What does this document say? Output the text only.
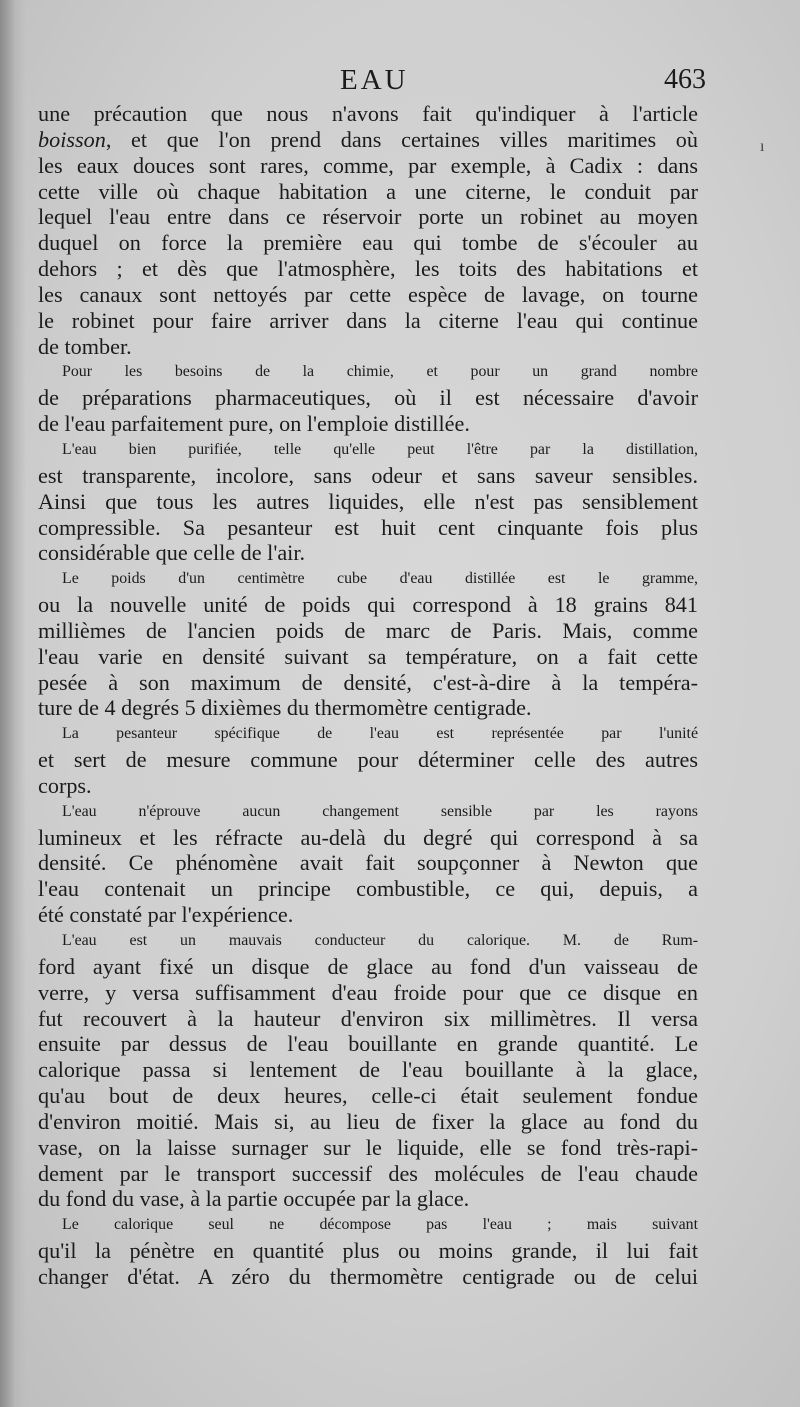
EAU	463
ı
une précaution que nous n'avons fait qu'indiquer à l'article
boisson, et que l'on prend dans certaines villes maritimes où
les eaux douces sont rares, comme, par exemple, à Cadix : dans
cette ville où chaque habitation a une citerne, le conduit par
lequel l'eau entre dans ce réservoir porte un robinet au moyen
duquel on force la première eau qui tombe de s'écouler au
dehors ; et dès que l'atmosphère, les toits des habitations et
les canaux sont nettoyés par cette espèce de lavage, on tourne
le robinet pour faire arriver dans la citerne l'eau qui continue
de tomber.
Pour les besoins de la chimie, et pour un grand nombre
de préparations pharmaceutiques, où il est nécessaire d'avoir
de l'eau parfaitement pure, on l'emploie distillée.
L'eau bien purifiée, telle qu'elle peut l'être par la distillation,
est transparente, incolore, sans odeur et sans saveur sensibles.
Ainsi que tous les autres liquides, elle n'est pas sensiblement
compressible. Sa pesanteur est huit cent cinquante fois plus
considérable que celle de l'air.
Le poids d'un centimètre cube d'eau distillée est le gramme,
ou la nouvelle unité de poids qui correspond à 18 grains 841
millièmes de l'ancien poids de marc de Paris. Mais, comme
l'eau varie en densité suivant sa température, on a fait cette
pesée à son maximum de densité, c'est-à-dire à la tempéra-
ture de 4 degrés 5 dixièmes du thermomètre centigrade.
La pesanteur spécifique de l'eau est représentée par l'unité
et sert de mesure commune pour déterminer celle des autres
corps.
L'eau n'éprouve aucun changement sensible par les rayons
lumineux et les réfracte au-delà du degré qui correspond à sa
densité. Ce phénomène avait fait soupçonner à Newton que
l'eau contenait un principe combustible, ce qui, depuis, a
été constaté par l'expérience.
L'eau est un mauvais conducteur du calorique. M. de Rum-
ford ayant fixé un disque de glace au fond d'un vaisseau de
verre, y versa suffisamment d'eau froide pour que ce disque en
fut recouvert à la hauteur d'environ six millimètres. Il versa
ensuite par dessus de l'eau bouillante en grande quantité. Le
calorique passa si lentement de l'eau bouillante à la glace,
qu'au bout de deux heures, celle-ci était seulement fondue
d'environ moitié. Mais si, au lieu de fixer la glace au fond du
vase, on la laisse surnager sur le liquide, elle se fond très-rapi-
dement par le transport successif des molécules de l'eau chaude
du fond du vase, à la partie occupée par la glace.
Le calorique seul ne décompose pas l'eau ; mais suivant
qu'il la pénètre en quantité plus ou moins grande, il lui fait
changer d'état. A zéro du thermomètre centigrade ou de celui
